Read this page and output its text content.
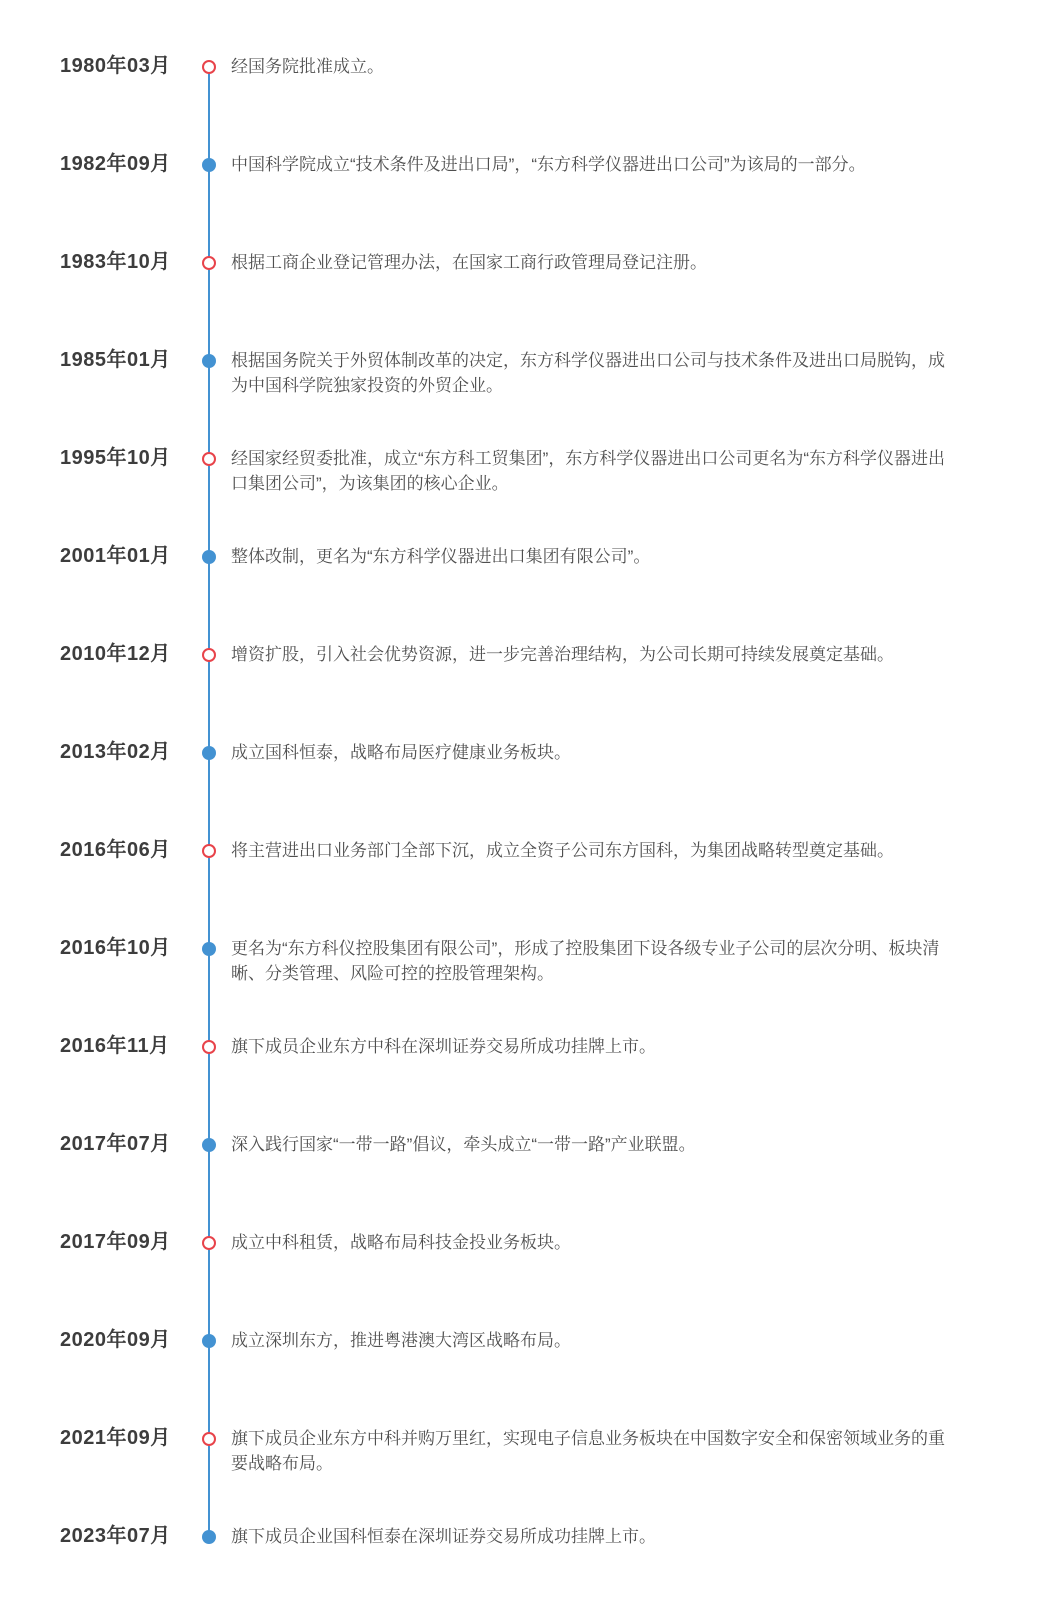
1980年03月	经国务院批准成立。
1982年09月	中国科学院成立“技术条件及进出口局”，“东方科学仪器进出口公司”为该局的一部分。
1983年10月	根据工商企业登记管理办法，在国家工商行政管理局登记注册。
1985年01月	根据国务院关于外贸体制改革的决定，东方科学仪器进出口公司与技术条件及进出口局脱钩，成为中国科学院独家投资的外贸企业。
1995年10月	经国家经贸委批准，成立“东方科工贸集团”，东方科学仪器进出口公司更名为“东方科学仪器进出口集团公司”，为该集团的核心企业。
2001年01月	整体改制，更名为“东方科学仪器进出口集团有限公司”。
2010年12月	增资扩股，引入社会优势资源，进一步完善治理结构，为公司长期可持续发展奠定基础。
2013年02月	成立国科恒泰，战略布局医疗健康业务板块。
2016年06月	将主营进出口业务部门全部下沉，成立全资子公司东方国科，为集团战略转型奠定基础。
2016年10月	更名为“东方科仪控股集团有限公司”，形成了控股集团下设各级专业子公司的层次分明、板块清晰、分类管理、风险可控的控股管理架构。
2016年11月	旗下成员企业东方中科在深圳证券交易所成功挂牌上市。
2017年07月	深入践行国家“一带一路”倡议，牵头成立“一带一路”产业联盟。
2017年09月	成立中科租赁，战略布局科技金投业务板块。
2020年09月	成立深圳东方，推进粤港澳大湾区战略布局。
2021年09月	旗下成员企业东方中科并购万里红，实现电子信息业务板块在中国数字安全和保密领域业务的重要战略布局。
2023年07月	旗下成员企业国科恒泰在深圳证券交易所成功挂牌上市。
